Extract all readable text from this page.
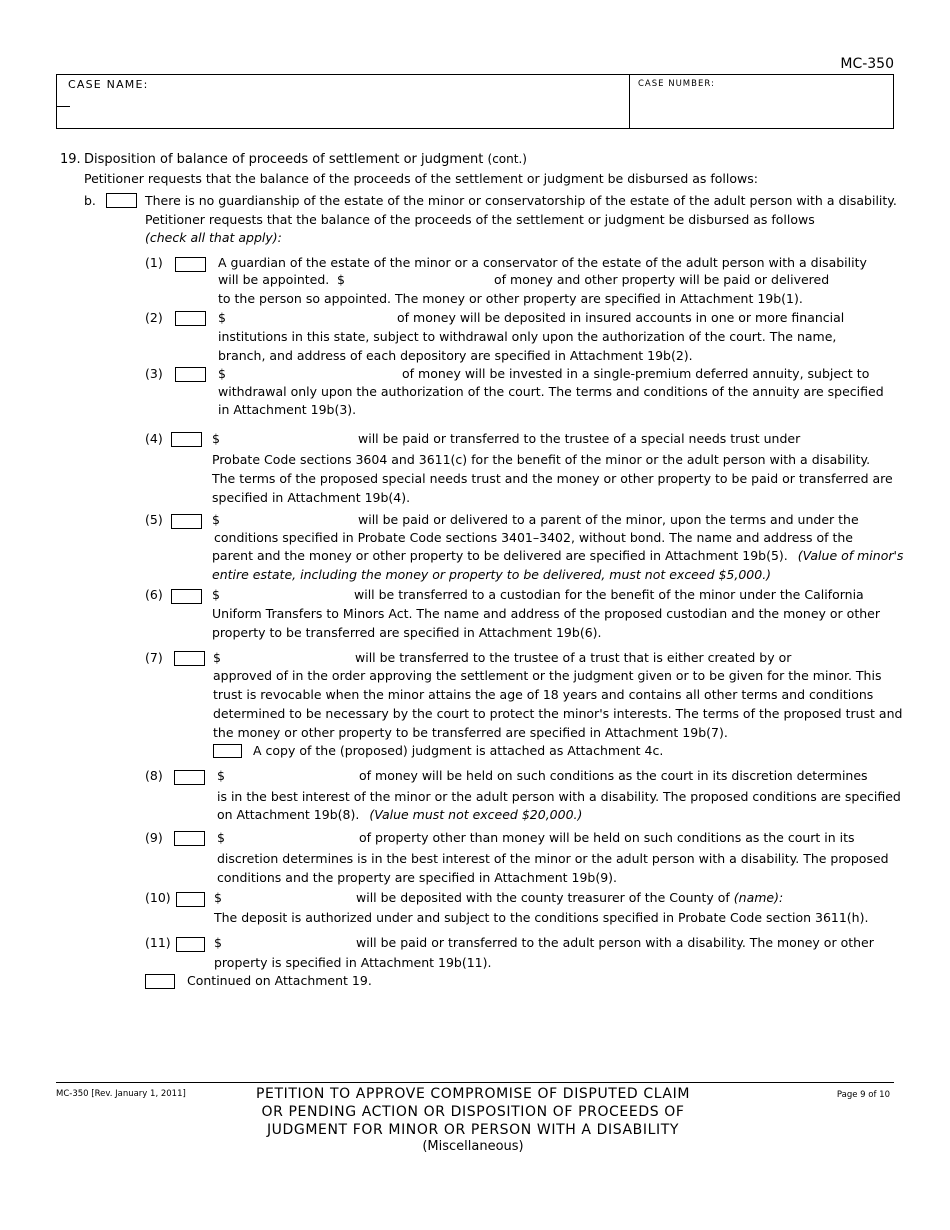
MC-350
CASE NAME:	CASE NUMBER:
19. Disposition of balance of proceeds of settlement or judgment (cont.)
Petitioner requests that the balance of the proceeds of the settlement or judgment be disbursed as follows:
b.	There is no guardianship of the estate of the minor or conservatorship of the estate of the adult person with a disability.
Petitioner requests that the balance of the proceeds of the settlement or judgment be disbursed as follows
(check all that apply):
(1)	A guardian of the estate of the minor or a conservator of the estate of the adult person with a disability
will be appointed. $	of money and other property will be paid or delivered
to the person so appointed. The money or other property are specified in Attachment 19b(1).
(2)	$	of money will be deposited in insured accounts in one or more financial
institutions in this state, subject to withdrawal only upon the authorization of the court. The name,
branch, and address of each depository are specified in Attachment 19b(2).
(3)	$	of money will be invested in a single-premium deferred annuity, subject to
withdrawal only upon the authorization of the court. The terms and conditions of the annuity are specified
in Attachment 19b(3).
(4)	$	will be paid or transferred to the trustee of a special needs trust under
Probate Code sections 3604 and 3611(c) for the benefit of the minor or the adult person with a disability.
The terms of the proposed special needs trust and the money or other property to be paid or transferred are
specified in Attachment 19b(4).
(5)	$	will be paid or delivered to a parent of the minor, upon the terms and under the
conditions specified in Probate Code sections 3401–3402, without bond. The name and address of the
parent and the money or other property to be delivered are specified in Attachment 19b(5). (Value of minor's
entire estate, including the money or property to be delivered, must not exceed $5,000.)
(6)	$	will be transferred to a custodian for the benefit of the minor under the California
Uniform Transfers to Minors Act. The name and address of the proposed custodian and the money or other
property to be transferred are specified in Attachment 19b(6).
(7)	$	will be transferred to the trustee of a trust that is either created by or
approved of in the order approving the settlement or the judgment given or to be given for the minor. This
trust is revocable when the minor attains the age of 18 years and contains all other terms and conditions
determined to be necessary by the court to protect the minor's interests. The terms of the proposed trust and
the money or other property to be transferred are specified in Attachment 19b(7).
A copy of the (proposed) judgment is attached as Attachment 4c.
(8)	$	of money will be held on such conditions as the court in its discretion determines
is in the best interest of the minor or the adult person with a disability. The proposed conditions are specified
on Attachment 19b(8). (Value must not exceed $20,000.)
(9)	$	of property other than money will be held on such conditions as the court in its
discretion determines is in the best interest of the minor or the adult person with a disability. The proposed
conditions and the property are specified in Attachment 19b(9).
(10)	$	will be deposited with the county treasurer of the County of (name):
The deposit is authorized under and subject to the conditions specified in Probate Code section 3611(h).
(11)	$	will be paid or transferred to the adult person with a disability. The money or other
property is specified in Attachment 19b(11).
Continued on Attachment 19.
MC-350 [Rev. January 1, 2011]	PETITION TO APPROVE COMPROMISE OF DISPUTED CLAIM
OR PENDING ACTION OR DISPOSITION OF PROCEEDS OF
JUDGMENT FOR MINOR OR PERSON WITH A DISABILITY
(Miscellaneous)
Page 9 of 10
